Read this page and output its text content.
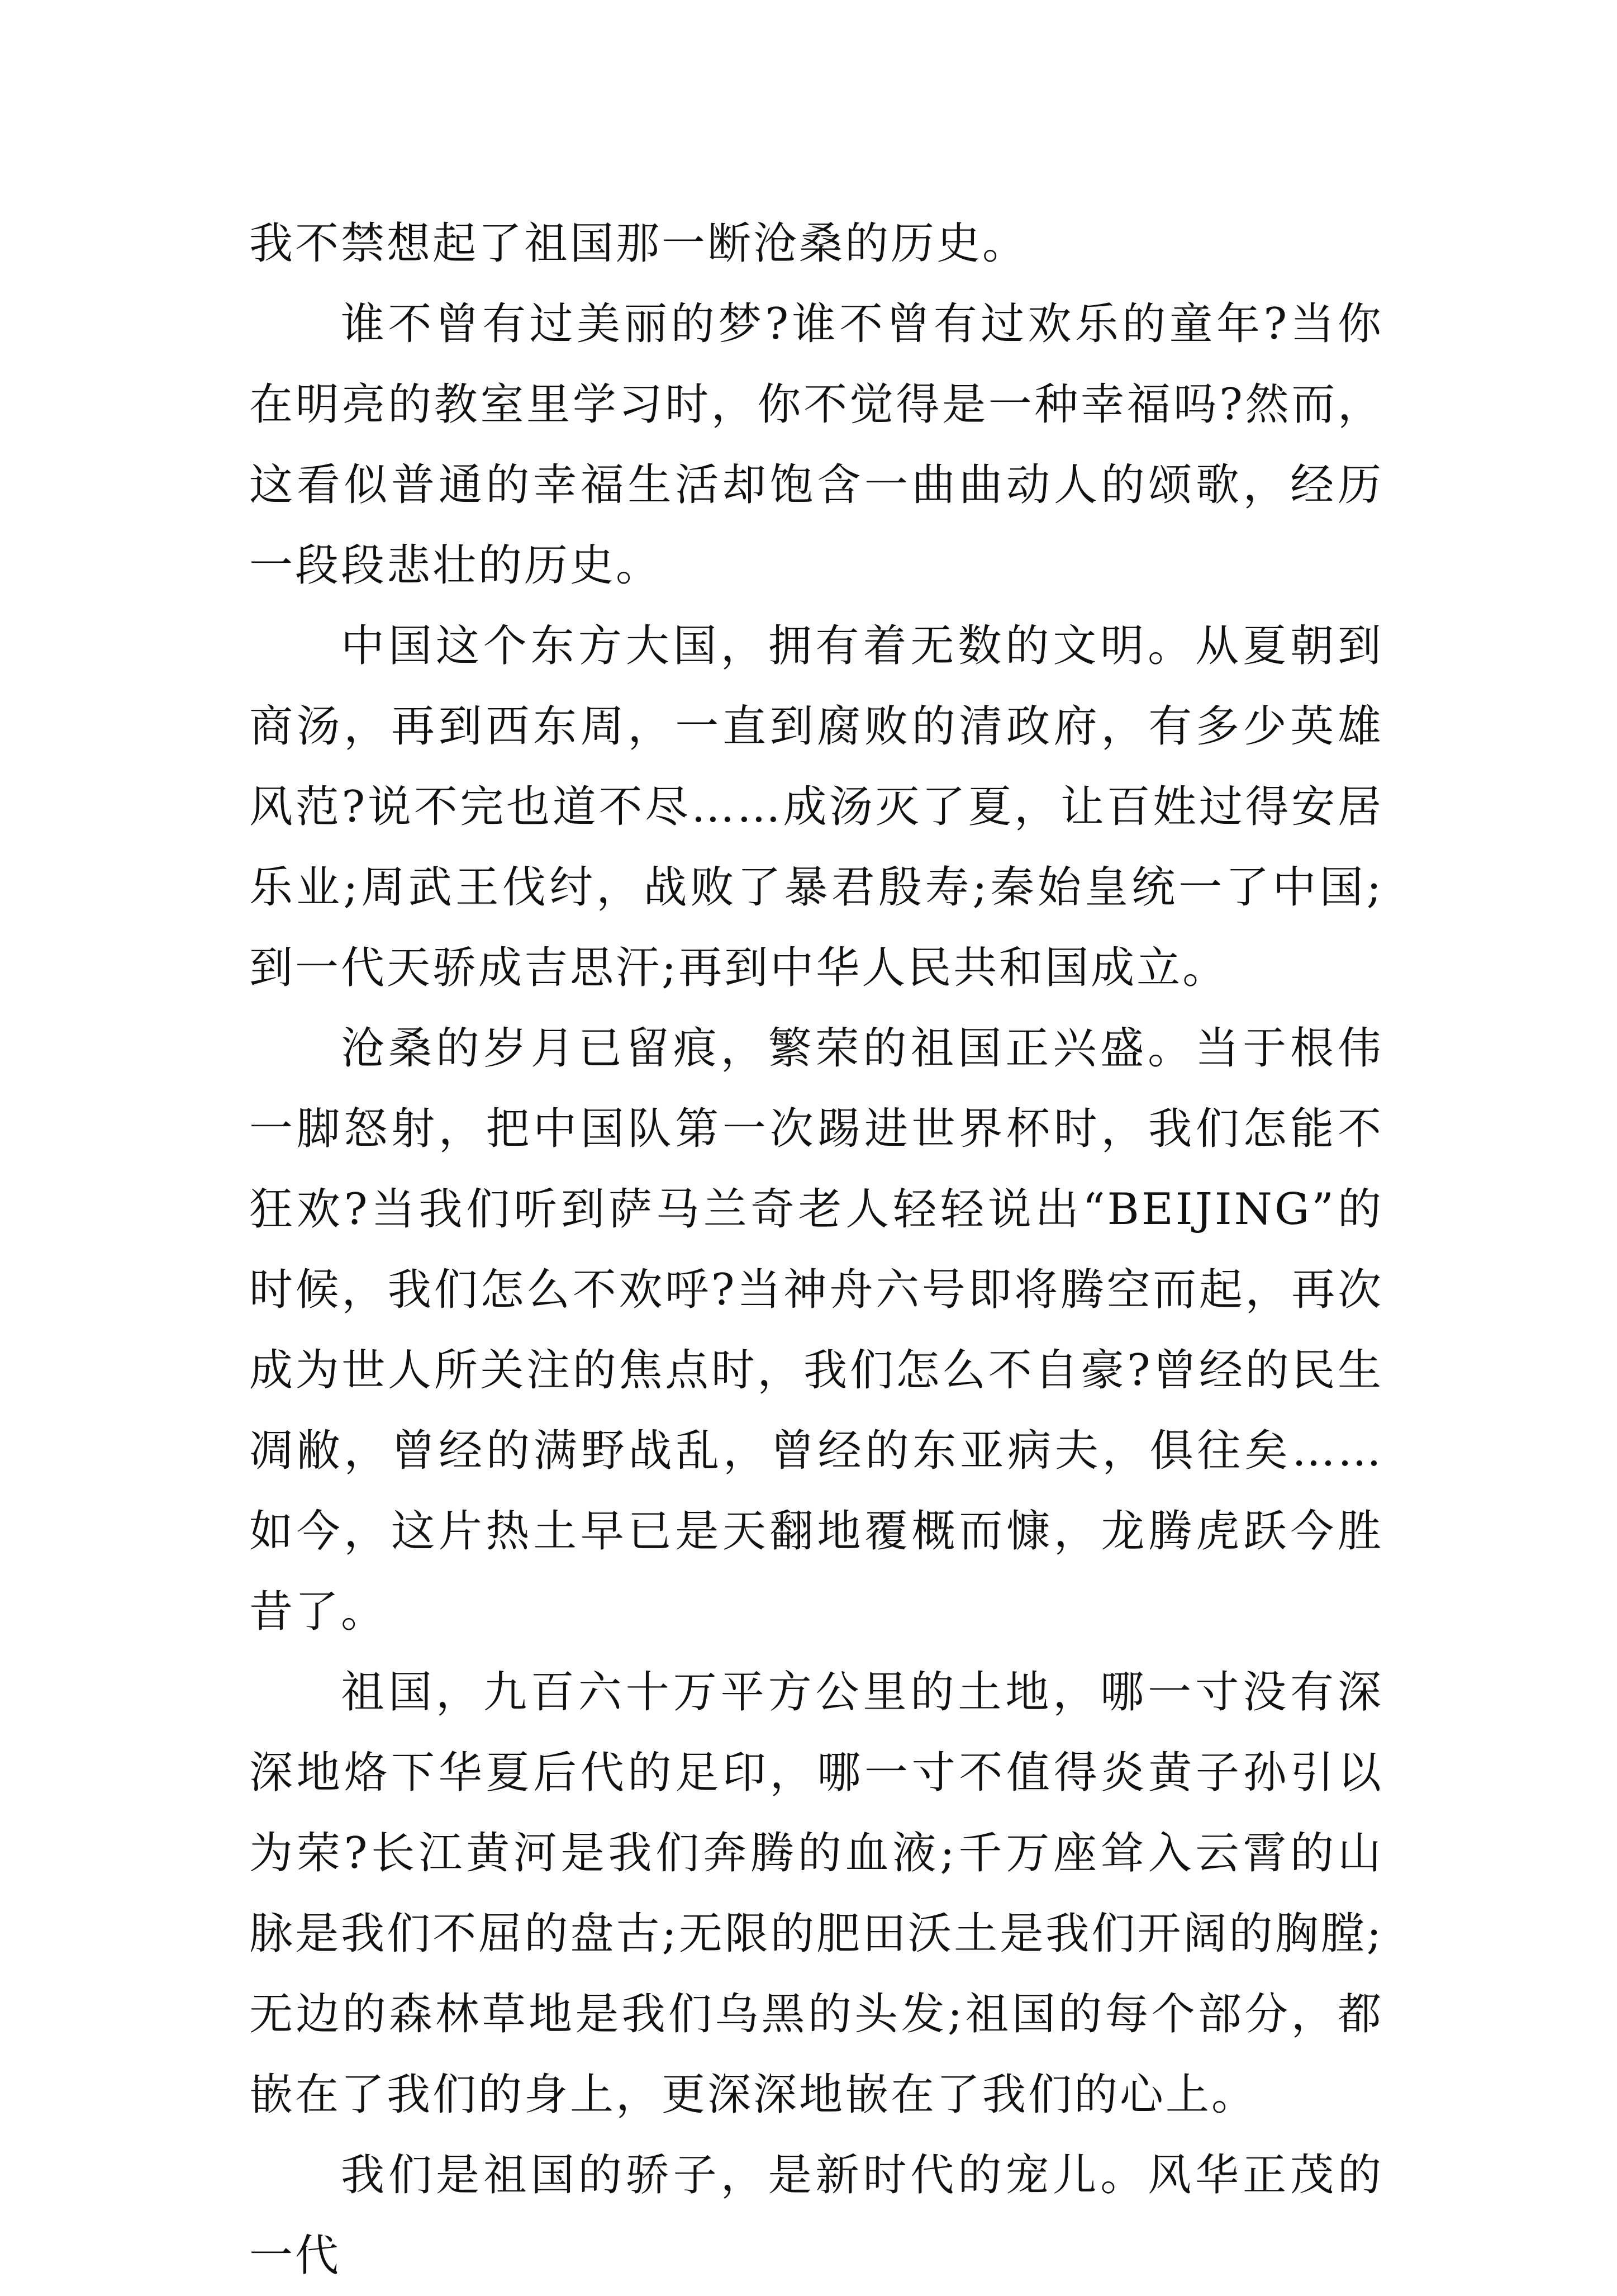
我不禁想起了祖国那一断沧桑的历史。

谁不曾有过美丽的梦?谁不曾有过欢乐的童年?当你在明亮的教室里学习时，你不觉得是一种幸福吗?然而，这看似普通的幸福生活却饱含一曲曲动人的颂歌，经历一段段悲壮的历史。

中国这个东方大国，拥有着无数的文明。从夏朝到商汤，再到西东周，一直到腐败的清政府，有多少英雄风范?说不完也道不尽……成汤灭了夏，让百姓过得安居乐业;周武王伐纣，战败了暴君殷寿;秦始皇统一了中国;到一代天骄成吉思汗;再到中华人民共和国成立。

沧桑的岁月已留痕，繁荣的祖国正兴盛。当于根伟一脚怒射，把中国队第一次踢进世界杯时，我们怎能不狂欢?当我们听到萨马兰奇老人轻轻说出“BEIJING”的时候，我们怎么不欢呼?当神舟六号即将腾空而起，再次成为世人所关注的焦点时，我们怎么不自豪?曾经的民生凋敝，曾经的满野战乱，曾经的东亚病夫，俱往矣……如今，这片热土早已是天翻地覆概而慷，龙腾虎跃今胜昔了。

祖国，九百六十万平方公里的土地，哪一寸没有深深地烙下华夏后代的足印，哪一寸不值得炎黄子孙引以为荣?长江黄河是我们奔腾的血液;千万座耸入云霄的山脉是我们不屈的盘古;无限的肥田沃土是我们开阔的胸膛;无边的森林草地是我们乌黑的头发;祖国的每个部分，都嵌在了我们的身上，更深深地嵌在了我们的心上。

我们是祖国的骄子，是新时代的宠儿。风华正茂的一代
